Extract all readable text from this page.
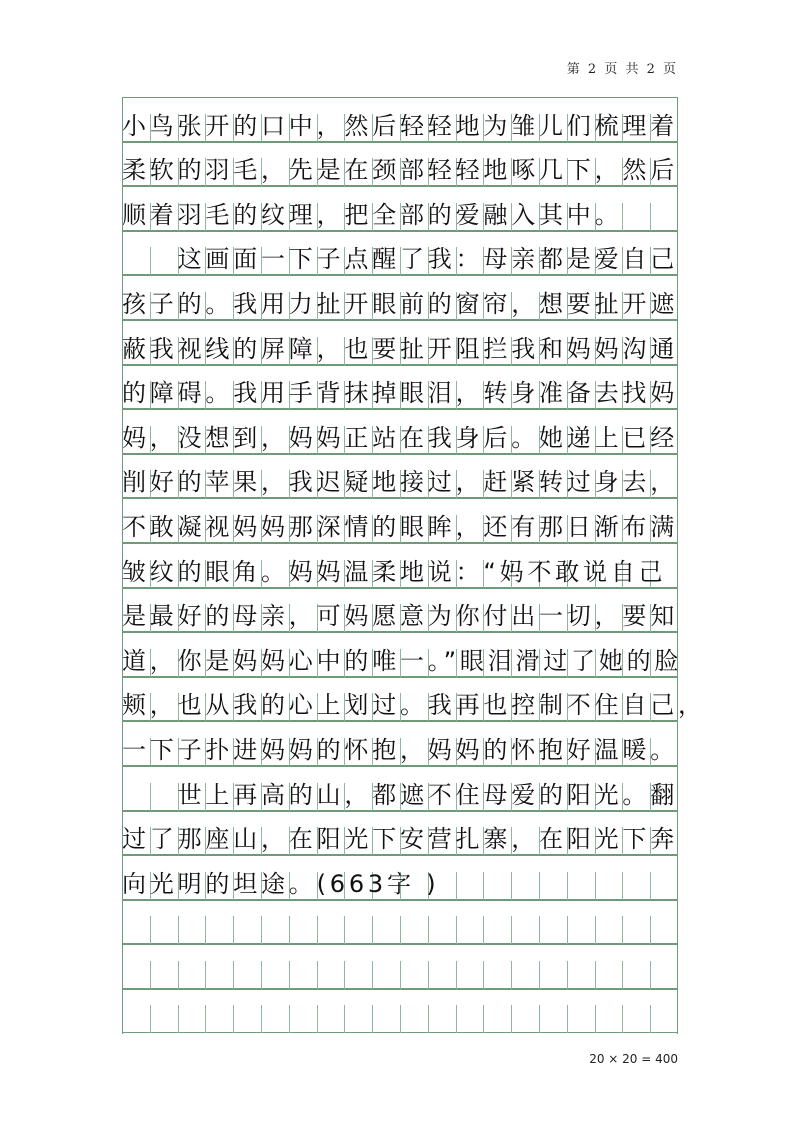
第 2 页 共 2 页
小鸟张开的口中，然后轻轻地为雏儿们梳理着
柔软的羽毛，先是在颈部轻轻地啄几下，然后
顺着羽毛的纹理，把全部的爱融入其中。
这画面一下子点醒了我：母亲都是爱自己
孩子的。我用力扯开眼前的窗帘，想要扯开遮
蔽我视线的屏障，也要扯开阻拦我和妈妈沟通
的障碍。我用手背抹掉眼泪，转身准备去找妈
妈，没想到，妈妈正站在我身后。她递上已经
削好的苹果，我迟疑地接过，赶紧转过身去，
不敢凝视妈妈那深情的眼眸，还有那日渐布满
皱纹的眼角。妈妈温柔地说：“妈不敢说自己
是最好的母亲，可妈愿意为你付出一切，要知
道，你是妈妈心中的唯一。”眼泪滑过了她的脸
颊，也从我的心上划过。我再也控制不住自己，
一下子扑进妈妈的怀抱，妈妈的怀抱好温暖。
世上再高的山，都遮不住母爱的阳光。翻
过了那座山，在阳光下安营扎寨，在阳光下奔
向光明的坦途。(663字 )
20 × 20 = 400
